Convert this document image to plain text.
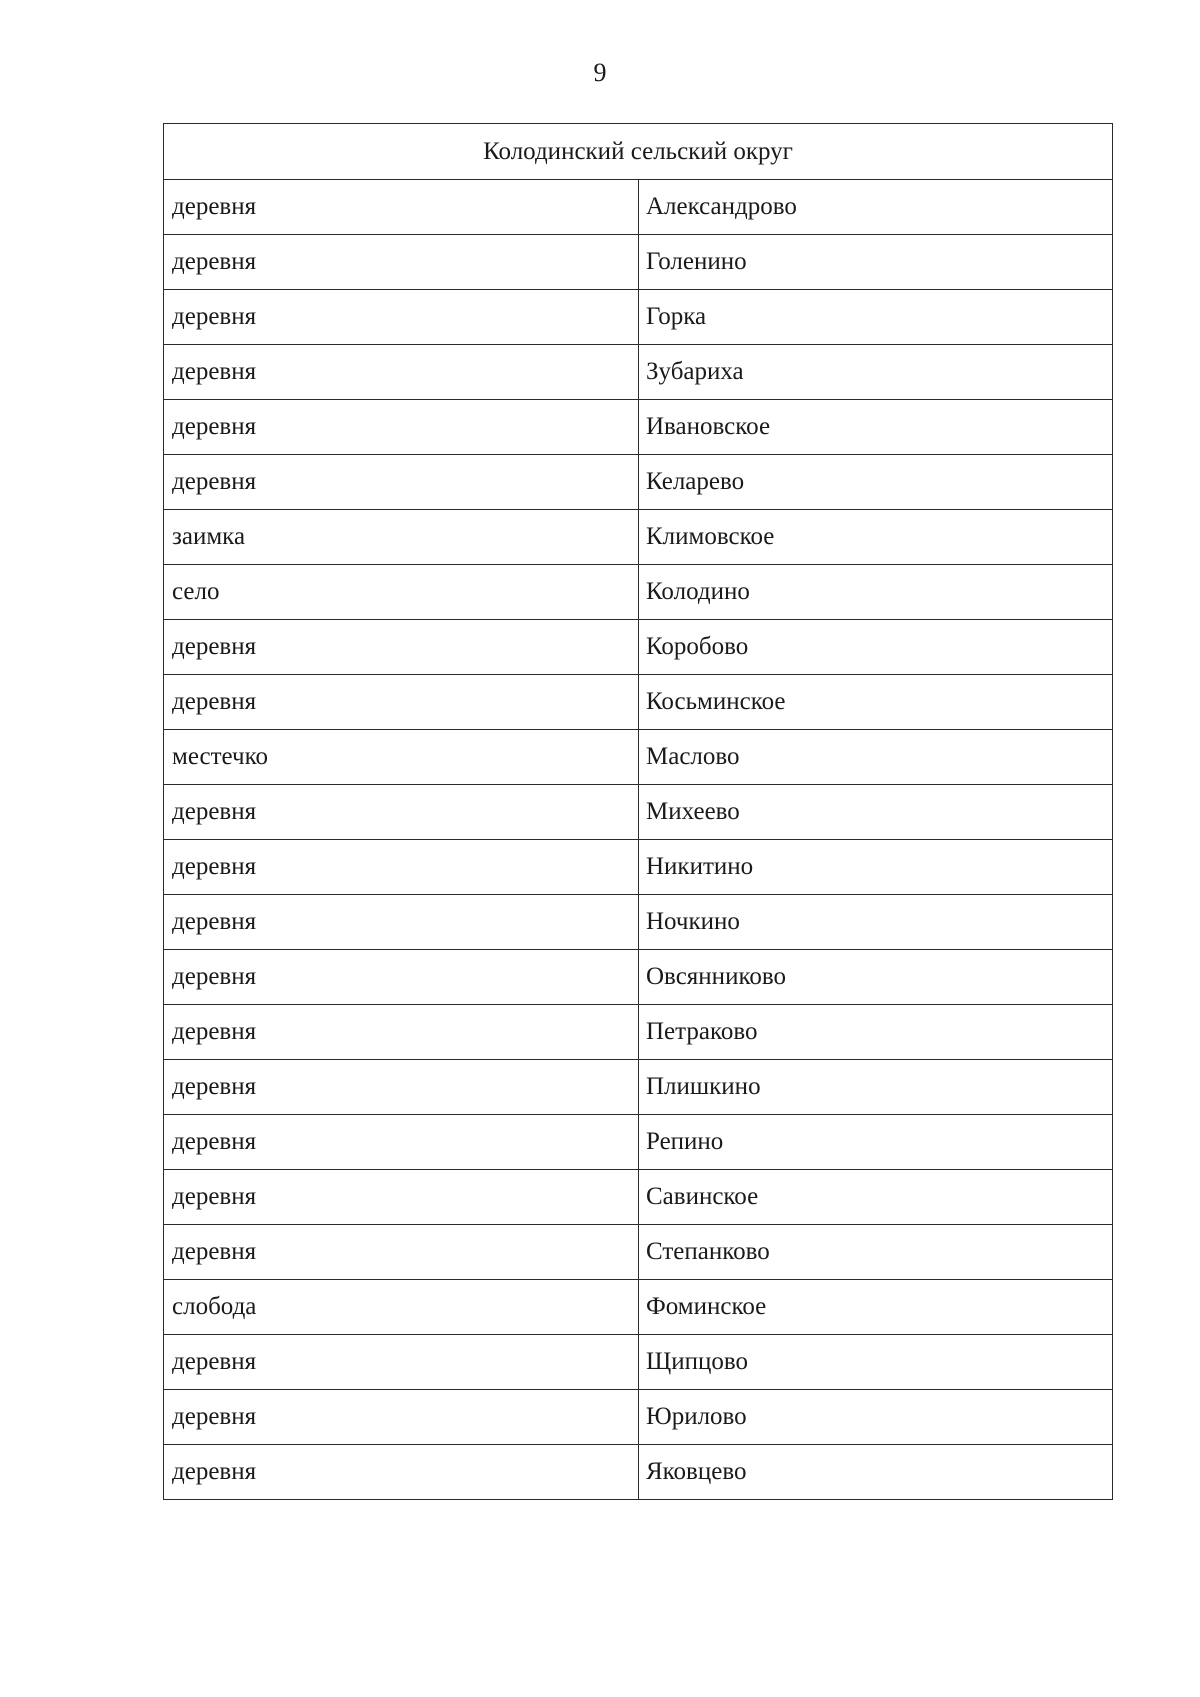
9
Колодинский сельский округ	
деревня	Александрово
деревня	Голенино
деревня	Горка
деревня	Зубариха
деревня	Ивановское
деревня	Келарево
заимка	Климовское
село	Колодино
деревня	Коробово
деревня	Косьминское
местечко	Маслово
деревня	Михеево
деревня	Никитино
деревня	Ночкино
деревня	Овсянниково
деревня	Петраково
деревня	Плишкино
деревня	Репино
деревня	Савинское
деревня	Степанково
слобода	Фоминское
деревня	Щипцово
деревня	Юрилово
деревня	Яковцево
